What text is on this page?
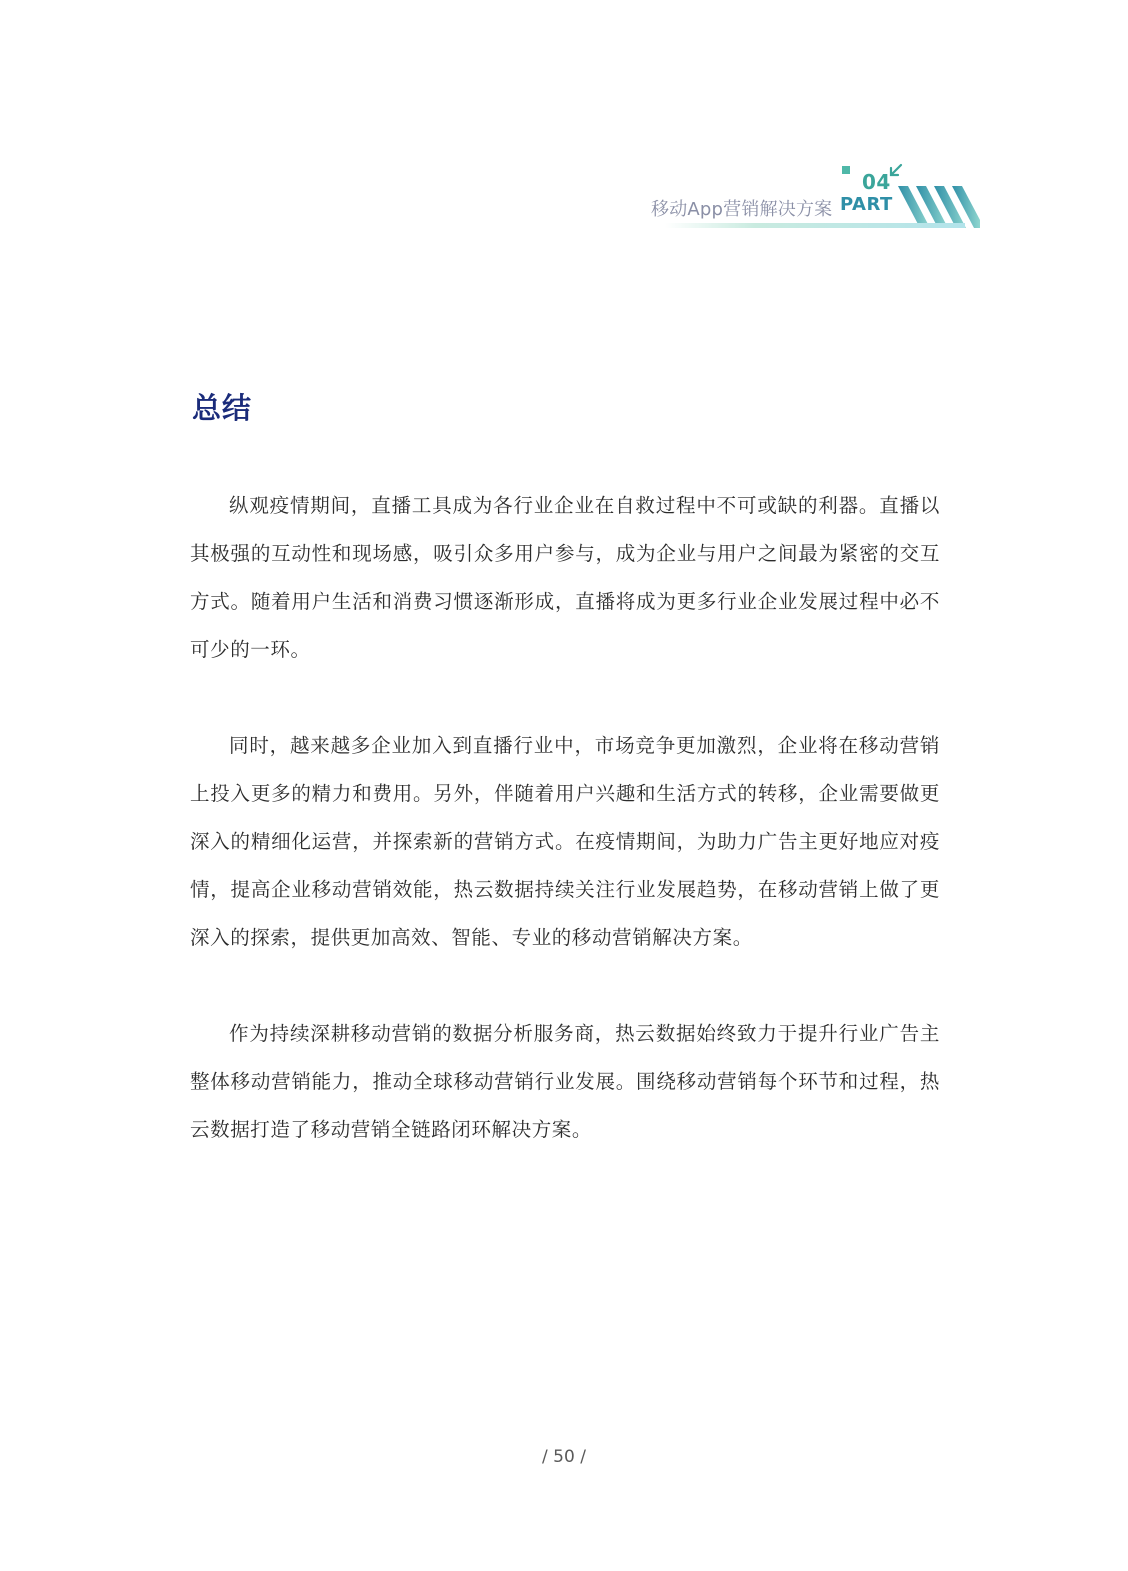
04
移动App营销解决方案 PART
总结

纵观疫情期间，直播工具成为各行业企业在自救过程中不可或缺的利器。直播以其极强的互动性和现场感，吸引众多用户参与，成为企业与用户之间最为紧密的交互方式。随着用户生活和消费习惯逐渐形成，直播将成为更多行业企业发展过程中必不可少的一环。

同时，越来越多企业加入到直播行业中，市场竞争更加激烈，企业将在移动营销上投入更多的精力和费用。另外，伴随着用户兴趣和生活方式的转移，企业需要做更深入的精细化运营，并探索新的营销方式。在疫情期间，为助力广告主更好地应对疫情，提高企业移动营销效能，热云数据持续关注行业发展趋势，在移动营销上做了更深入的探索，提供更加高效、智能、专业的移动营销解决方案。

作为持续深耕移动营销的数据分析服务商，热云数据始终致力于提升行业广告主整体移动营销能力，推动全球移动营销行业发展。围绕移动营销每个环节和过程，热云数据打造了移动营销全链路闭环解决方案。

/ 50 /
